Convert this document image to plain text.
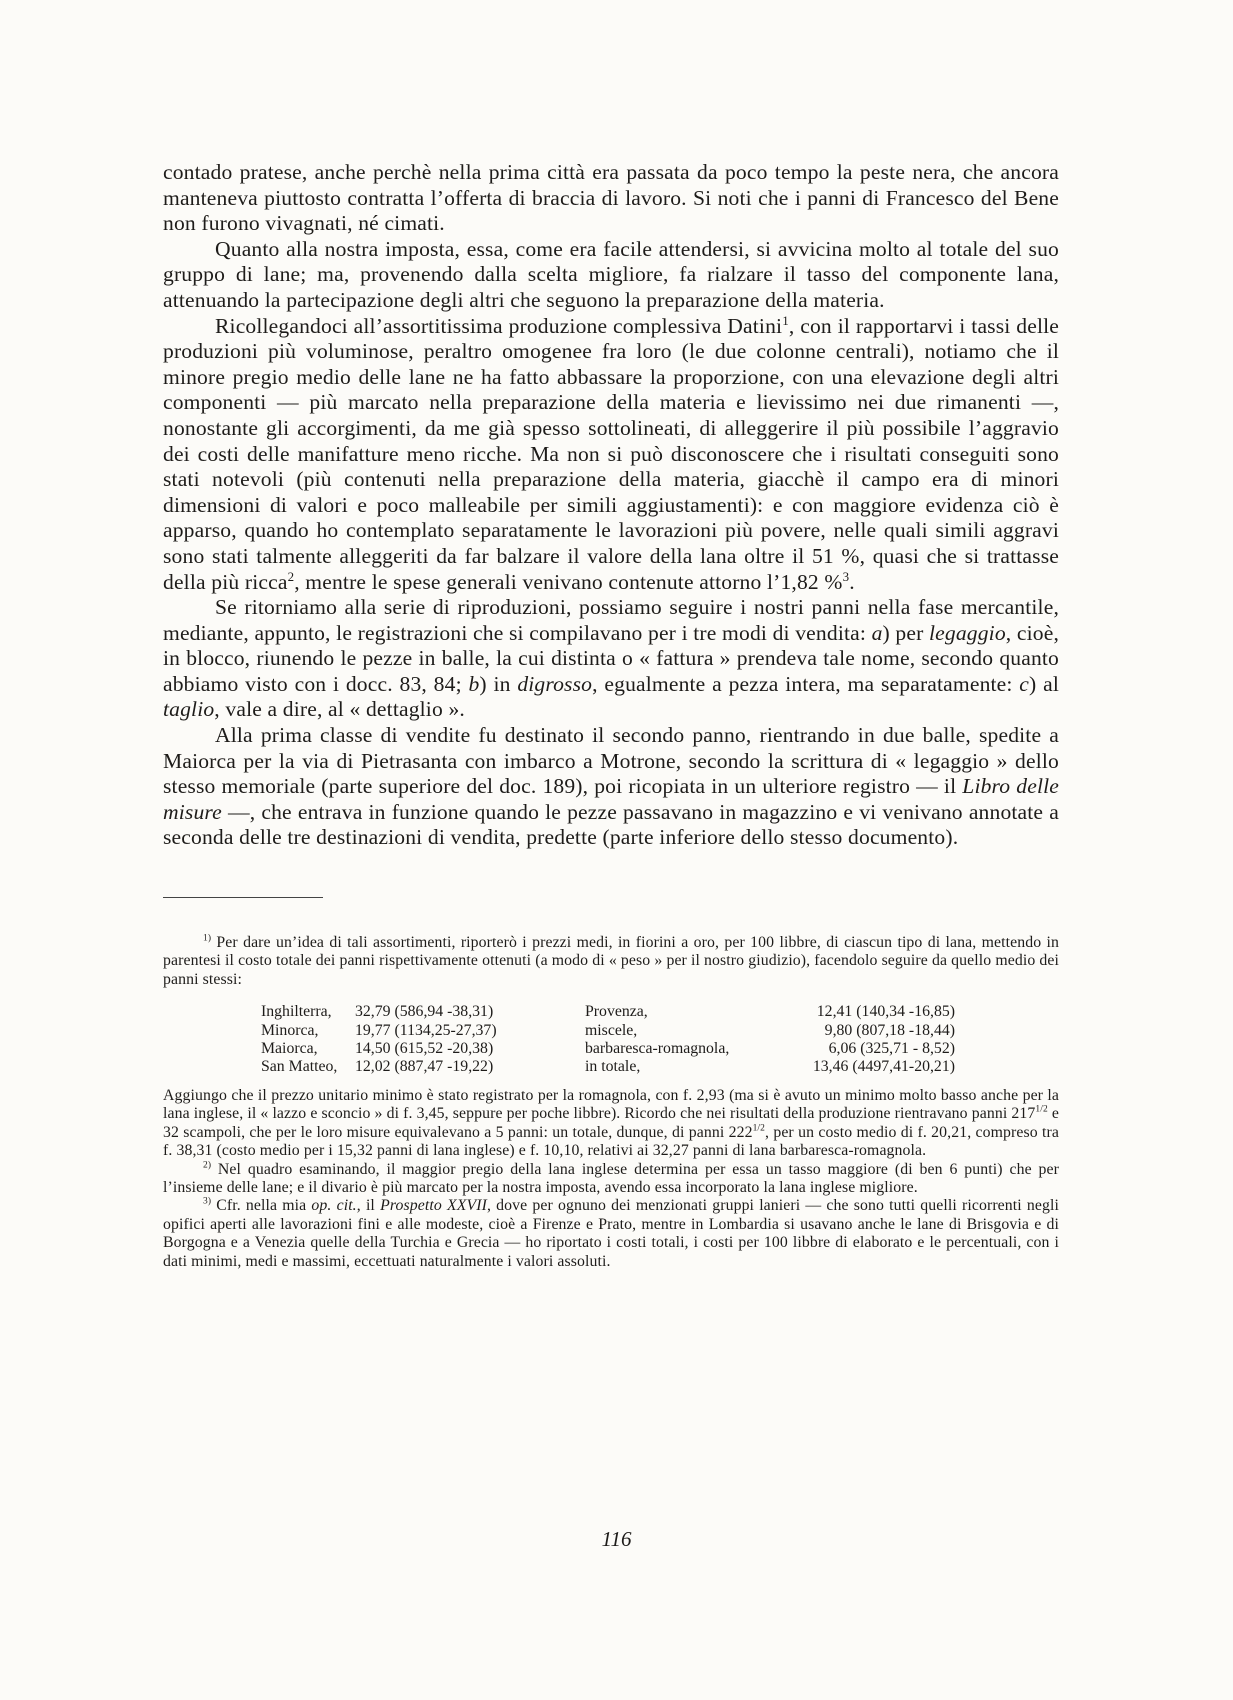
contado pratese, anche perchè nella prima città era passata da poco tempo la peste nera, che ancora manteneva piuttosto contratta l’offerta di braccia di lavoro. Si noti che i panni di Francesco del Bene non furono vivagnati, né cimati.

Quanto alla nostra imposta, essa, come era facile attendersi, si avvicina molto al totale del suo gruppo di lane; ma, provenendo dalla scelta migliore, fa rialzare il tasso del componente lana, attenuando la partecipazione degli altri che seguono la preparazione della materia.

Ricollegandoci all’assortitissima produzione complessiva Datini$^1$, con il rapportarvi i tassi delle produzioni più voluminose, peraltro omogenee fra loro (le due colonne centrali), notiamo che il minore pregio medio delle lane ne ha fatto abbassare la proporzione, con una elevazione degli altri componenti — più marcato nella preparazione della materia e lievissimo nei due rimanenti —, nonostante gli accorgimenti, da me già spesso sottolineati, di alleggerire il più possibile l’aggravio dei costi delle manifatture meno ricche. Ma non si può disconoscere che i risultati conseguiti sono stati notevoli (più contenuti nella preparazione della materia, giacchè il campo era di minori dimensioni di valori e poco malleabile per simili aggiustamenti): e con maggiore evidenza ciò è apparso, quando ho contemplato separatamente le lavorazioni più povere, nelle quali simili aggravi sono stati talmente alleggeriti da far balzare il valore della lana oltre il 51 %, quasi che si trattasse della più ricca$^2$, mentre le spese generali venivano contenute attorno l’1,82 %$^3$.

Se ritorniamo alla serie di riproduzioni, possiamo seguire i nostri panni nella fase mercantile, mediante, appunto, le registrazioni che si compilavano per i tre modi di vendita: a) per legaggio, cioè, in blocco, riunendo le pezze in balle, la cui distinta o « fattura » prendeva tale nome, secondo quanto abbiamo visto con i docc. 83, 84; b) in digrosso, egualmente a pezza intera, ma separatamente: c) al taglio, vale a dire, al « dettaglio ».

Alla prima classe di vendite fu destinato il secondo panno, rientrando in due balle, spedite a Maiorca per la via di Pietrasanta con imbarco a Motrone, secondo la scrittura di « legaggio » dello stesso memoriale (parte superiore del doc. 189), poi ricopiata in un ulteriore registro — il Libro delle misure —, che entrava in funzione quando le pezze passavano in magazzino e vi venivano annotate a seconda delle tre destinazioni di vendita, predette (parte inferiore dello stesso documento).

$^{1)}$ Per dare un’idea di tali assortimenti, riporterò i prezzi medi, in fiorini a oro, per 100 libbre, di ciascun tipo di lana, mettendo in parentesi il costo totale dei panni rispettivamente ottenuti (a modo di « peso » per il nostro giudizio), facendolo seguire da quello medio dei panni stessi:

Inghilterra,	32,79 (586,94 -38,31)	Provenza,	12,41 (140,34 -16,85)
Minorca,	19,77 (1134,25-27,37)	miscele,	9,80 (807,18 -18,44)
Maiorca,	14,50 (615,52 -20,38)	barbaresca-romagnola,	6,06 (325,71 - 8,52)
San Matteo,	12,02 (887,47 -19,22)	in totale,	13,46 (4497,41-20,21)

Aggiungo che il prezzo unitario minimo è stato registrato per la romagnola, con f. 2,93 (ma si è avuto un minimo molto basso anche per la lana inglese, il « lazzo e sconcio » di f. 3,45, seppure per poche libbre). Ricordo che nei risultati della produzione rientravano panni $217^{1/2}$ e 32 scampoli, che per le loro misure equivalevano a 5 panni: un totale, dunque, di panni $222^{1/2}$, per un costo medio di f. 20,21, compreso tra f. 38,31 (costo medio per i 15,32 panni di lana inglese) e f. 10,10, relativi ai 32,27 panni di lana barbaresca-romagnola.

$^{2)}$ Nel quadro esaminando, il maggior pregio della lana inglese determina per essa un tasso maggiore (di ben 6 punti) che per l’insieme delle lane; e il divario è più marcato per la nostra imposta, avendo essa incorporato la lana inglese migliore.

$^{3)}$ Cfr. nella mia op. cit., il Prospetto XXVII, dove per ognuno dei menzionati gruppi lanieri — che sono tutti quelli ricorrenti negli opifici aperti alle lavorazioni fini e alle modeste, cioè a Firenze e Prato, mentre in Lombardia si usavano anche le lane di Brisgovia e di Borgogna e a Venezia quelle della Turchia e Grecia — ho riportato i costi totali, i costi per 100 libbre di elaborato e le percentuali, con i dati minimi, medi e massimi, eccettuati naturalmente i valori assoluti.

116
